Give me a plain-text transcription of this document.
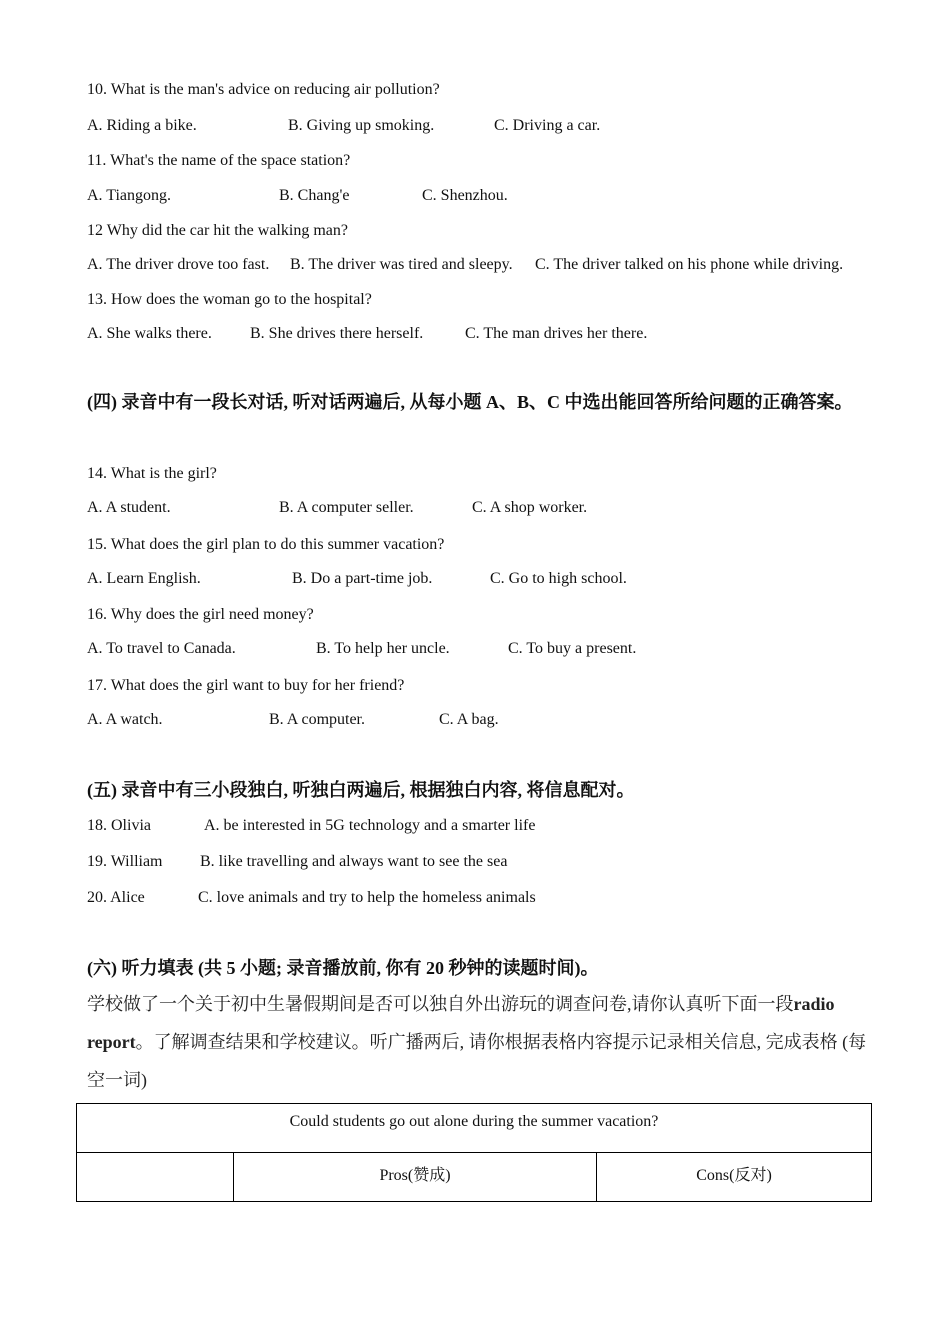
10. What is the man's advice on reducing air pollution?
A. Riding a bike.	B. Giving up smoking.	C. Driving a car.
11. What's the name of the space station?
A. Tiangong.	B. Chang'e	C. Shenzhou.
12 Why did the car hit the walking man?
A. The driver drove too fast. B. The driver was tired and sleepy. C. The driver talked on his phone while driving.
13. How does the woman go to the hospital?
A. She walks there. B. She drives there herself.	C. The man drives her there.
(四) 录音中有一段长对话, 听对话两遍后, 从每小题 A、B、C 中选出能回答所给问题的正确答案。
14. What is the girl?
A. A student.	B. A computer seller.	C. A shop worker.
15. What does the girl plan to do this summer vacation?
A. Learn English.	B. Do a part-time job.	C. Go to high school.
16. Why does the girl need money?
A. To travel to Canada.	B. To help her uncle.	C. To buy a present.
17. What does the girl want to buy for her friend?
A. A watch.	B. A computer.	C. A bag.
(五) 录音中有三小段独白, 听独白两遍后, 根据独白内容, 将信息配对。
18. Olivia	A. be interested in 5G technology and a smarter life
19. William B. like travelling and always want to see the sea
20. Alice	C. love animals and try to help the homeless animals
(六) 听力填表 (共 5 小题; 录音播放前, 你有 20 秒钟的读题时间)。
学校做了一个关于初中生暑假期间是否可以独自外出游玩的调查问卷,请你认真听下面一段radio report。了解调查结果和学校建议。听广播两后, 请你根据表格内容提示记录相关信息, 完成表格 (每空一词)
Could students go out alone during the summer vacation?
	Pros(赞成)	Cons(反对)
